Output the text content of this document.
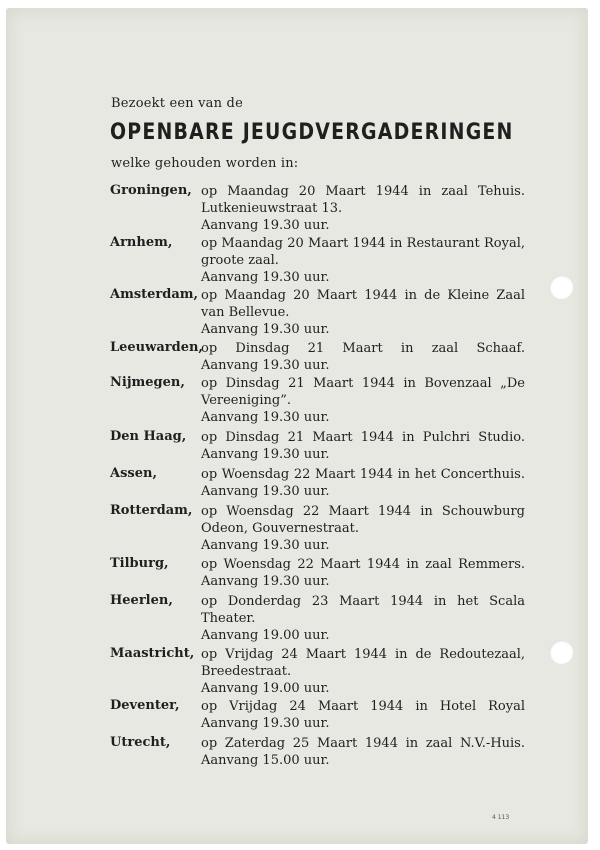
Bezoekt een van de
OPENBARE JEUGDVERGADERINGEN
welke gehouden worden in:
Groningen, op Maandag 20 Maart 1944 in zaal Tehuis.
Lutkenieuwstraat 13.
Aanvang 19.30 uur.
Arnhem, op Maandag 20 Maart 1944 in Restaurant Royal,
groote zaal.
Aanvang 19.30 uur.
Amsterdam, op Maandag 20 Maart 1944 in de Kleine Zaal
van Bellevue.
Aanvang 19.30 uur.
Leeuwarden,
op Dinsdag 21 Maart in zaal Schaaf.
Aanvang 19.30 uur.
Nijmegen, op Dinsdag 21 Maart 1944 in Bovenzaal „De
Vereeniging”.
Aanvang 19.30 uur.
Den Haag, op Dinsdag 21 Maart 1944 in Pulchri Studio.
Aanvang 19.30 uur.
Assen,	op Woensdag 22 Maart 1944 in het Concerthuis.
Aanvang 19.30 uur.
Rotterdam, op Woensdag 22 Maart 1944 in Schouwburg
Odeon, Gouvernestraat.
Aanvang 19.30 uur.
Tilburg, op Woensdag 22 Maart 1944 in zaal Remmers.
Aanvang 19.30 uur.
Heerlen, op Donderdag 23 Maart 1944 in het Scala
Theater.
Aanvang 19.00 uur.
Maastricht, op Vrijdag 24 Maart 1944 in de Redoutezaal,
Breedestraat.
Aanvang 19.00 uur.
Deventer, op Vrijdag 24 Maart 1944 in Hotel Royal
Aanvang 19.30 uur.
Utrecht, op Zaterdag 25 Maart 1944 in zaal N.V.-Huis.
Aanvang 15.00 uur.
4 113
